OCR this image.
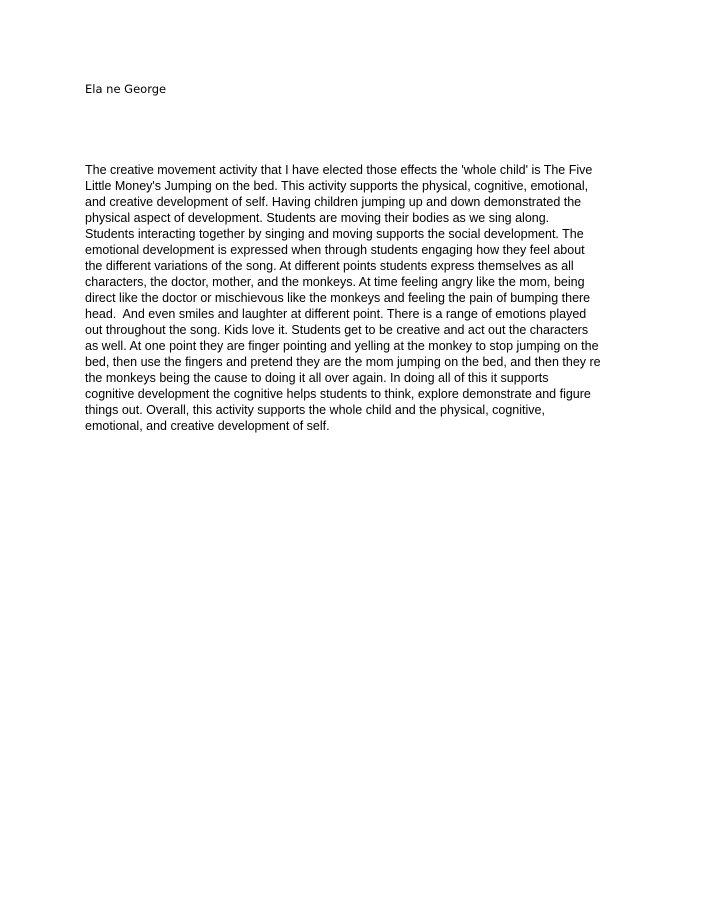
Ela ne George
The creative movement activity that I have elected those effects the 'whole child' is The Five
Little Money's Jumping on the bed. This activity supports the physical, cognitive, emotional,
and creative development of self. Having children jumping up and down demonstrated the
physical aspect of development. Students are moving their bodies as we sing along.
Students interacting together by singing and moving supports the social development. The
emotional development is expressed when through students engaging how they feel about
the different variations of the song. At different points students express themselves as all
characters, the doctor, mother, and the monkeys. At time feeling angry like the mom, being
direct like the doctor or mischievous like the monkeys and feeling the pain of bumping there
head.  And even smiles and laughter at different point. There is a range of emotions played
out throughout the song. Kids love it. Students get to be creative and act out the characters
as well. At one point they are finger pointing and yelling at the monkey to stop jumping on the
bed, then use the fingers and pretend they are the mom jumping on the bed, and then they re
the monkeys being the cause to doing it all over again. In doing all of this it supports
cognitive development the cognitive helps students to think, explore demonstrate and figure
things out. Overall, this activity supports the whole child and the physical, cognitive,
emotional, and creative development of self.
